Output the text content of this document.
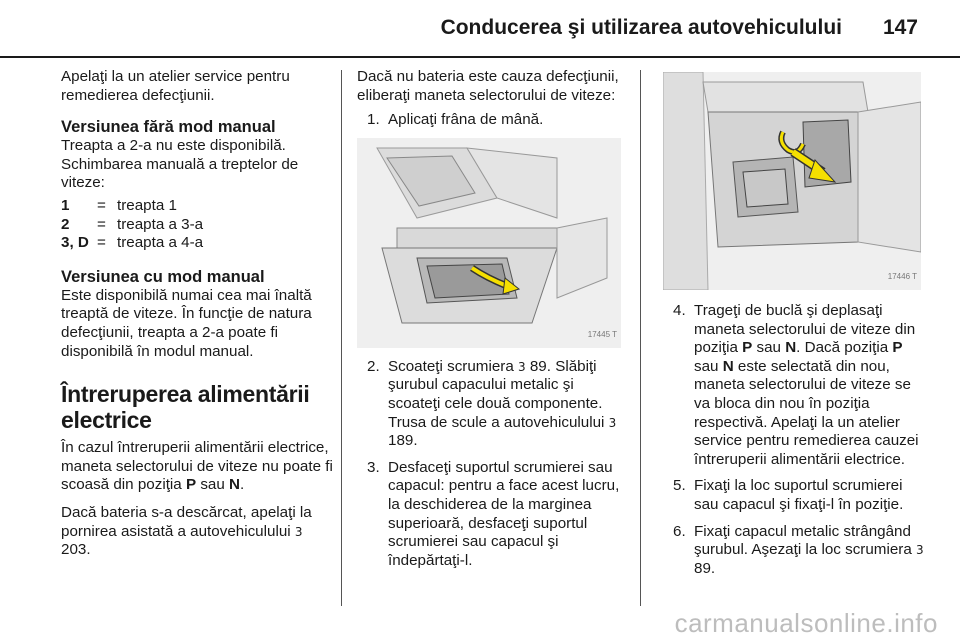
Conducerea şi utilizarea autovehiculului 147

Apelaţi la un atelier service pentru remedierea defecţiunii.

Versiunea fără mod manual

Treapta a 2-a nu este disponibilă.

Schimbarea manuală a treptelor de viteze:

1	= treapta 1
2	= treapta a 3-a
3, D = treapta a 4-a
Versiunea cu mod manual

Este disponibilă numai cea mai înaltă treaptă de viteze. În funcţie de natura defecţiunii, treapta a 2-a poate fi disponibilă în modul manual.

Întreruperea alimentării electrice

În cazul întreruperii alimentării electrice, maneta selectorului de viteze nu poate fi scoasă din poziţia P sau N.

Dacă bateria s-a descărcat, apelaţi la pornirea asistată a autovehiculului 3 203.

Dacă nu bateria este cauza defecţiunii, eliberaţi maneta selectorului de viteze:

1. Aplicaţi frâna de mână.
17445 T
2. Scoateţi scrumiera 3 89. Slăbiţi şurubul capacului metalic şi scoateţi cele două componente. Trusa de scule a autovehiculului 3 189.
3. Desfaceţi suportul scrumierei sau capacul: pentru a face acest lucru, la deschiderea de la marginea superioară, desfaceţi suportul scrumierei sau capacul şi îndepărtaţi-l.
17446 T
4. Trageţi de buclă şi deplasaţi maneta selectorului de viteze din poziţia P sau N. Dacă poziţia P sau N este selectată din nou, maneta selectorului de viteze se va bloca din nou în poziţia respectivă. Apelaţi la un atelier service pentru remedierea cauzei întreruperii alimentării electrice.
5. Fixaţi la loc suportul scrumierei sau capacul şi fixaţi-l în poziţie.
6. Fixaţi capacul metalic strângând şurubul. Aşezaţi la loc scrumiera 3 89.
carmanualsonline.info
